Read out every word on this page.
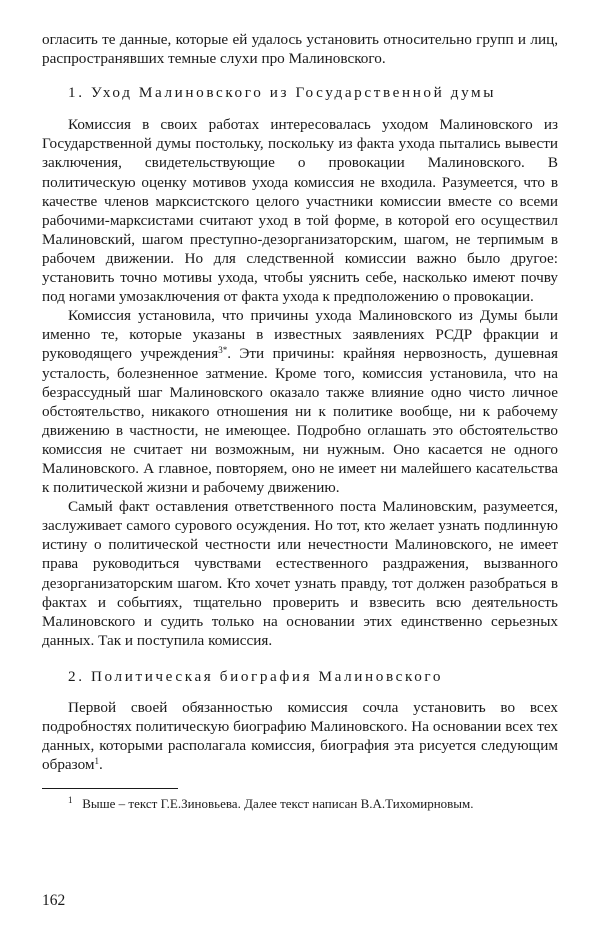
огласить те данные, которые ей удалось установить относительно групп и лиц, распространявших темные слухи про Малиновского.

1. Уход Малиновского из Государственной думы

Комиссия в своих работах интересовалась уходом Малиновского из Государственной думы постольку, поскольку из факта ухода пытались вывести заключения, свидетельствующие о провокации Малиновского. В политическую оценку мотивов ухода комиссия не входила. Разумеется, что в качестве членов марксистского целого участники комиссии вместе со всеми рабочими-марксистами считают уход в той форме, в которой его осуществил Малиновский, шагом преступно-дезорганизаторским, шагом, не терпимым в рабочем движении. Но для следственной комиссии важно было другое: установить точно мотивы ухода, чтобы уяснить себе, насколько имеют почву под ногами умозаключения от факта ухода к предположению о провокации.

Комиссия установила, что причины ухода Малиновского из Думы были именно те, которые указаны в известных заявлениях РСДР фракции и руководящего учреждения$^{3*}$. Эти причины: крайняя нервозность, душевная усталость, болезненное затмение. Кроме того, комиссия установила, что на безрассудный шаг Малиновского оказало также влияние одно чисто личное обстоятельство, никакого отношения ни к политике вообще, ни к рабочему движению в частности, не имеющее. Подробно оглашать это обстоятельство комиссия не считает ни возможным, ни нужным. Оно касается не одного Малиновского. А главное, повторяем, оно не имеет ни малейшего касательства к политической жизни и рабочему движению.

Самый факт оставления ответственного поста Малиновским, разумеется, заслуживает самого сурового осуждения. Но тот, кто желает узнать подлинную истину о политической честности или нечестности Малиновского, не имеет права руководиться чувствами естественного раздражения, вызванного дезорганизаторским шагом. Кто хочет узнать правду, тот должен разобраться в фактах и событиях, тщательно проверить и взвесить всю деятельность Малиновского и судить только на основании этих единственно серьезных данных. Так и поступила комиссия.

2. Политическая биография Малиновского

Первой своей обязанностью комиссия сочла установить во всех подробностях политическую биографию Малиновского. На основании всех тех данных, которыми располагала комиссия, биография эта рисуется следующим образом$^1$.

$^1$ Выше – текст Г.Е.Зиновьева. Далее текст написан В.А.Тихомирновым.

162
